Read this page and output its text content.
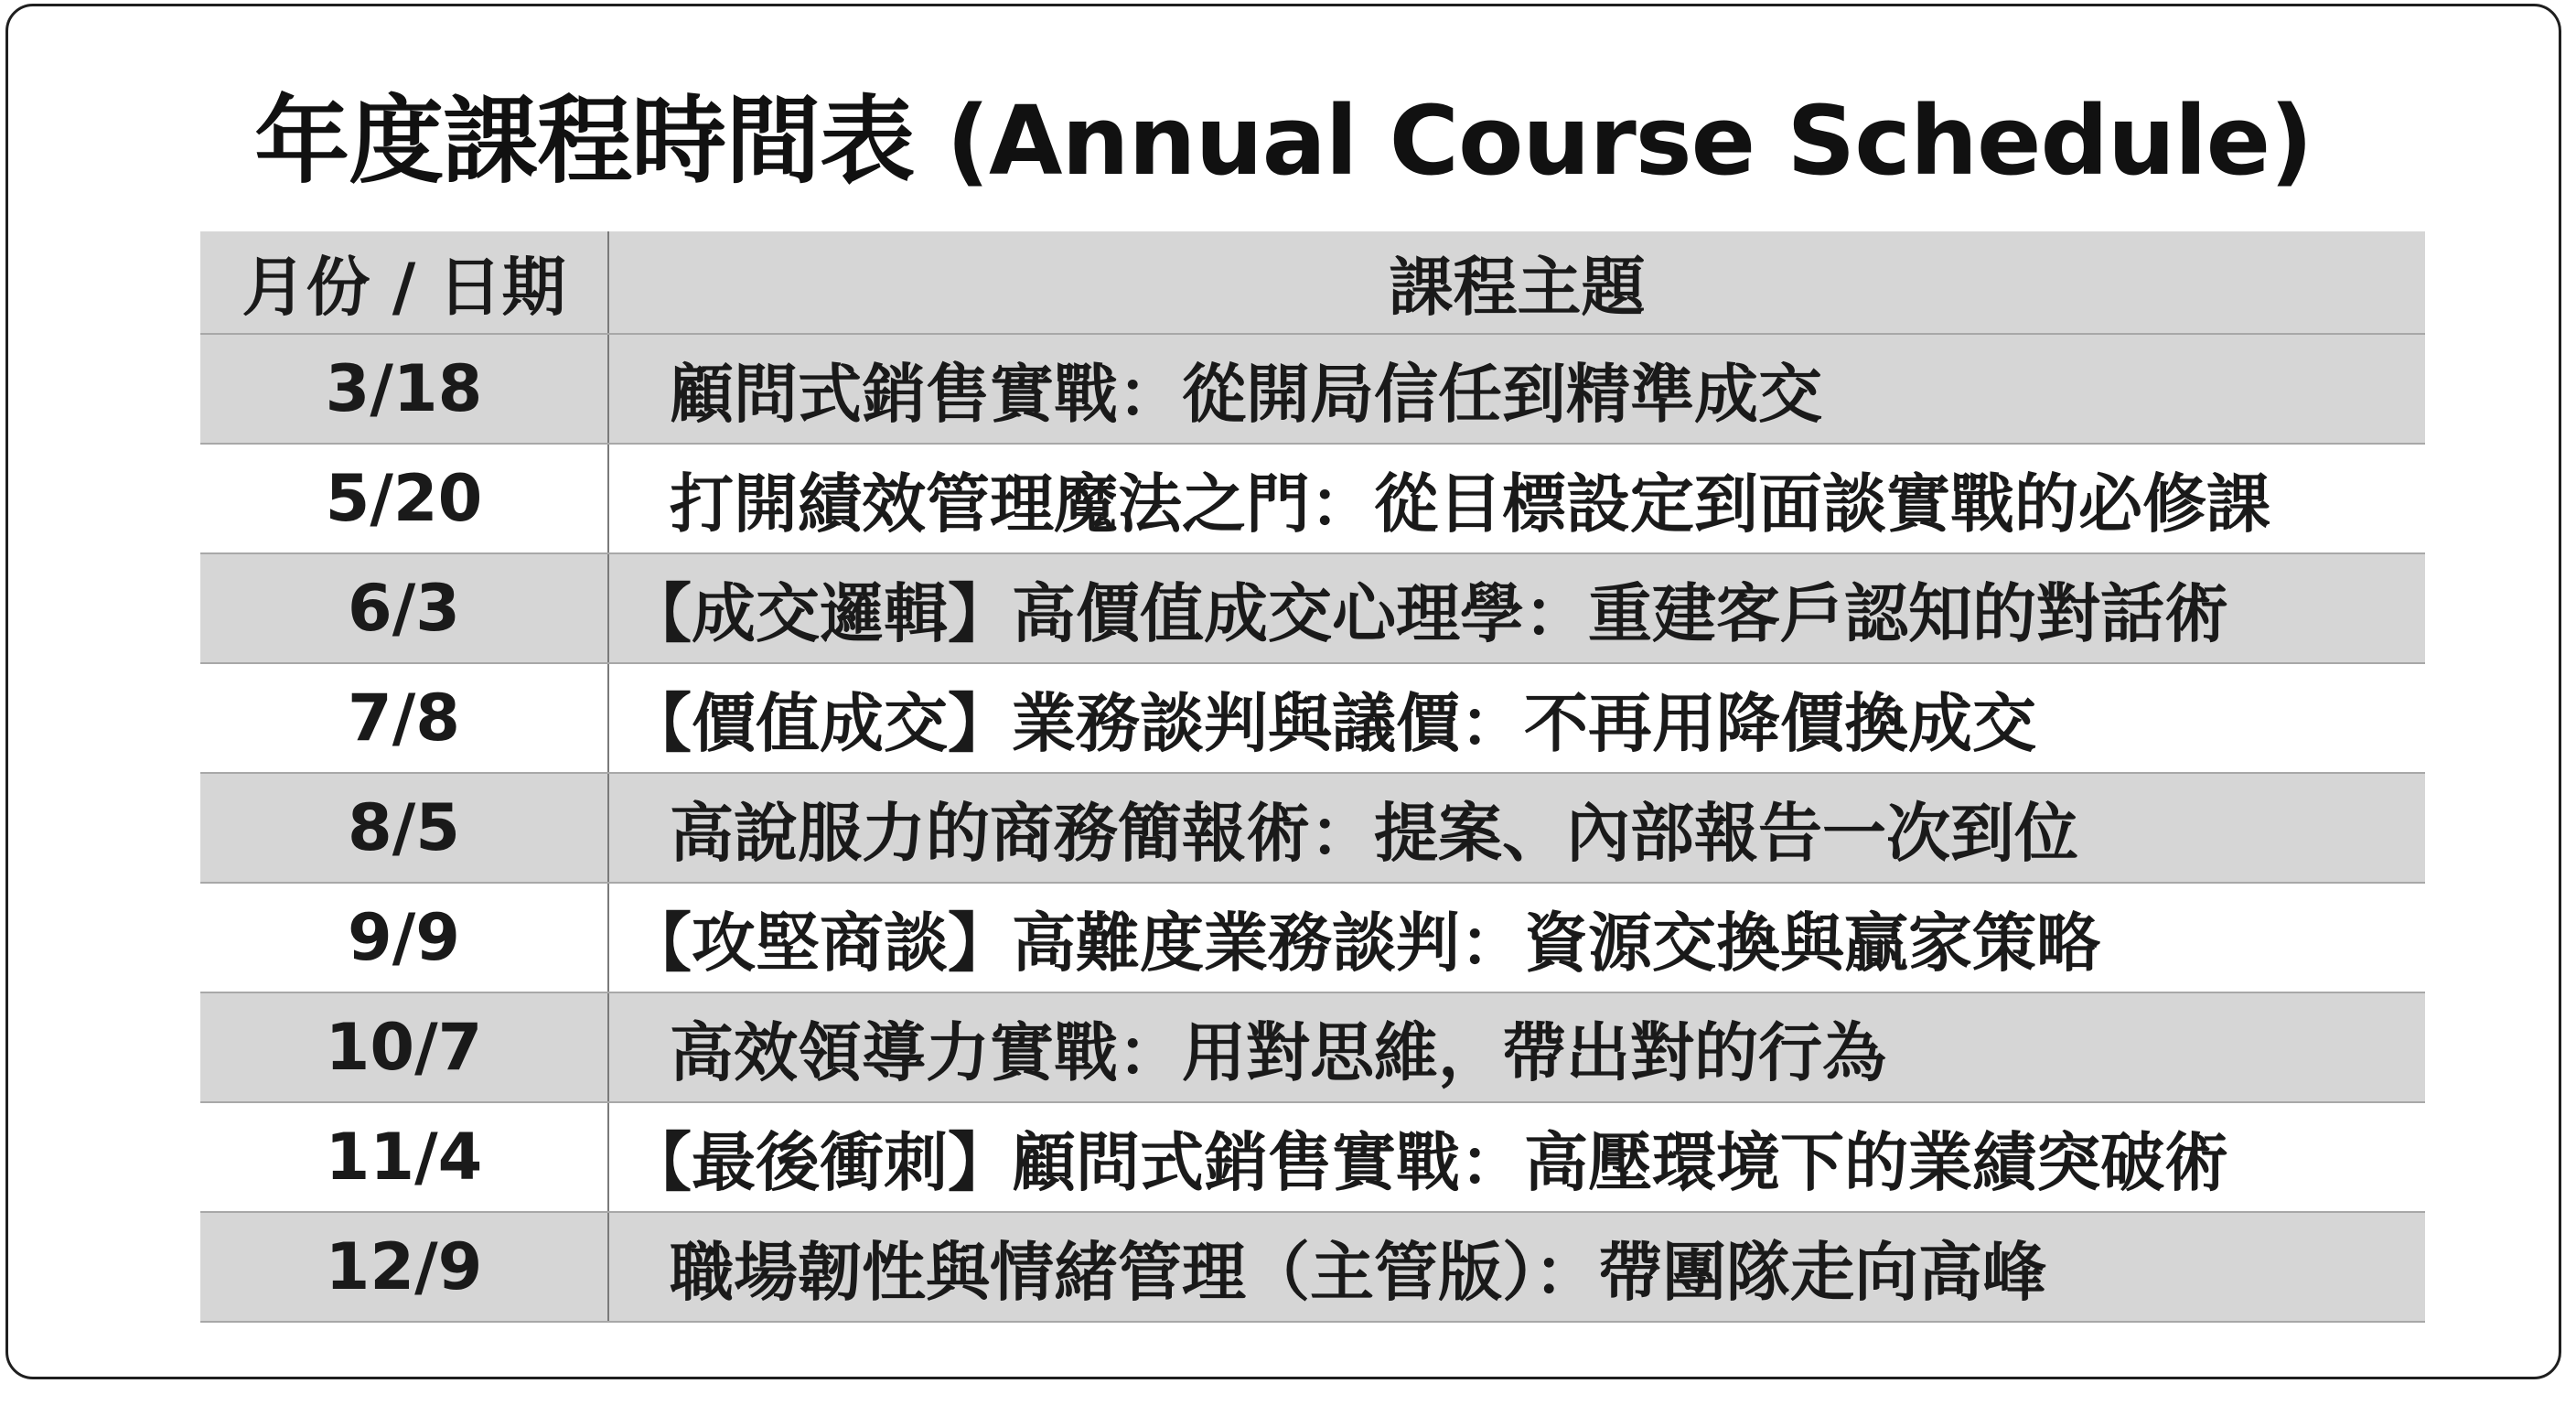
年度課程時間表 (Annual Course Schedule)
月份 / 日期	課程主題
3/18	顧問式銷售實戰：從開局信任到精準成交
5/20	打開績效管理魔法之門：從目標設定到面談實戰的必修課
6/3	【成交邏輯】高價值成交心理學：重建客戶認知的對話術
7/8	【價值成交】業務談判與議價：不再用降價換成交
8/5	高說服力的商務簡報術：提案、內部報告一次到位
9/9	【攻堅商談】高難度業務談判：資源交換與贏家策略
10/7	高效領導力實戰：用對思維，帶出對的行為
11/4	【最後衝刺】顧問式銷售實戰：高壓環境下的業績突破術
12/9	職場韌性與情緒管理（主管版）：帶團隊走向高峰
